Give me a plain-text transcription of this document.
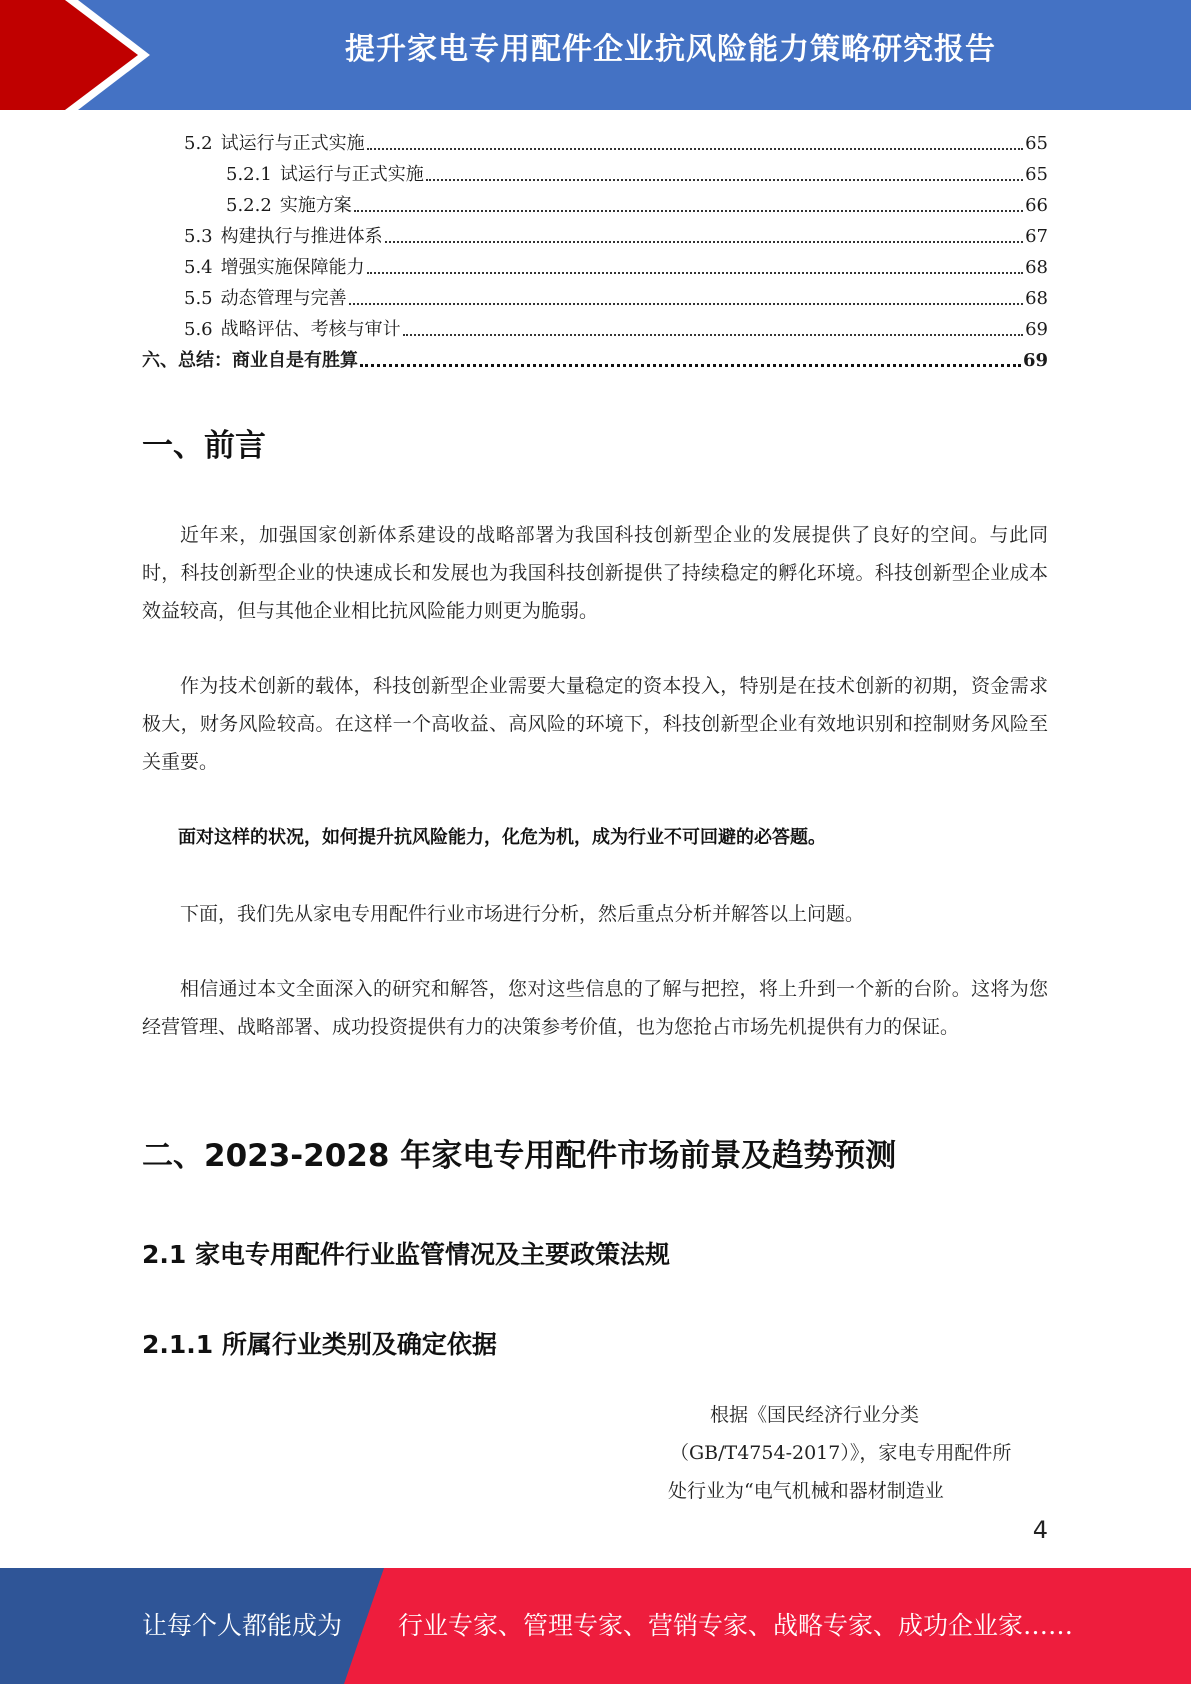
提升家电专用配件企业抗风险能力策略研究报告
5.2 试运行与正式实施	65
5.2.1 试运行与正式实施	65
5.2.2 实施方案	66
5.3 构建执行与推进体系	67
5.4 增强实施保障能力	68
5.5 动态管理与完善	68
5.6 战略评估、考核与审计	69
六、总结：商业自是有胜算	69
一、前言
近年来，加强国家创新体系建设的战略部署为我国科技创新型企业的发展提供了良好的空间。与此同时，科技创新型企业的快速成长和发展也为我国科技创新提供了持续稳定的孵化环境。科技创新型企业成本效益较高，但与其他企业相比抗风险能力则更为脆弱。
作为技术创新的载体，科技创新型企业需要大量稳定的资本投入，特别是在技术创新的初期，资金需求极大，财务风险较高。在这样一个高收益、高风险的环境下，科技创新型企业有效地识别和控制财务风险至关重要。
面对这样的状况，如何提升抗风险能力，化危为机，成为行业不可回避的必答题。
下面，我们先从家电专用配件行业市场进行分析，然后重点分析并解答以上问题。
相信通过本文全面深入的研究和解答，您对这些信息的了解与把控，将上升到一个新的台阶。这将为您经营管理、战略部署、成功投资提供有力的决策参考价值，也为您抢占市场先机提供有力的保证。
二、2023-2028 年家电专用配件市场前景及趋势预测
2.1 家电专用配件行业监管情况及主要政策法规
2.1.1 所属行业类别及确定依据
根据《国民经济行业分类
（GB/T4754-2017）》，家电专用配件所
处行业为“电气机械和器材制造业
4
让每个人都能成为 行业专家、管理专家、营销专家、战略专家、成功企业家……
